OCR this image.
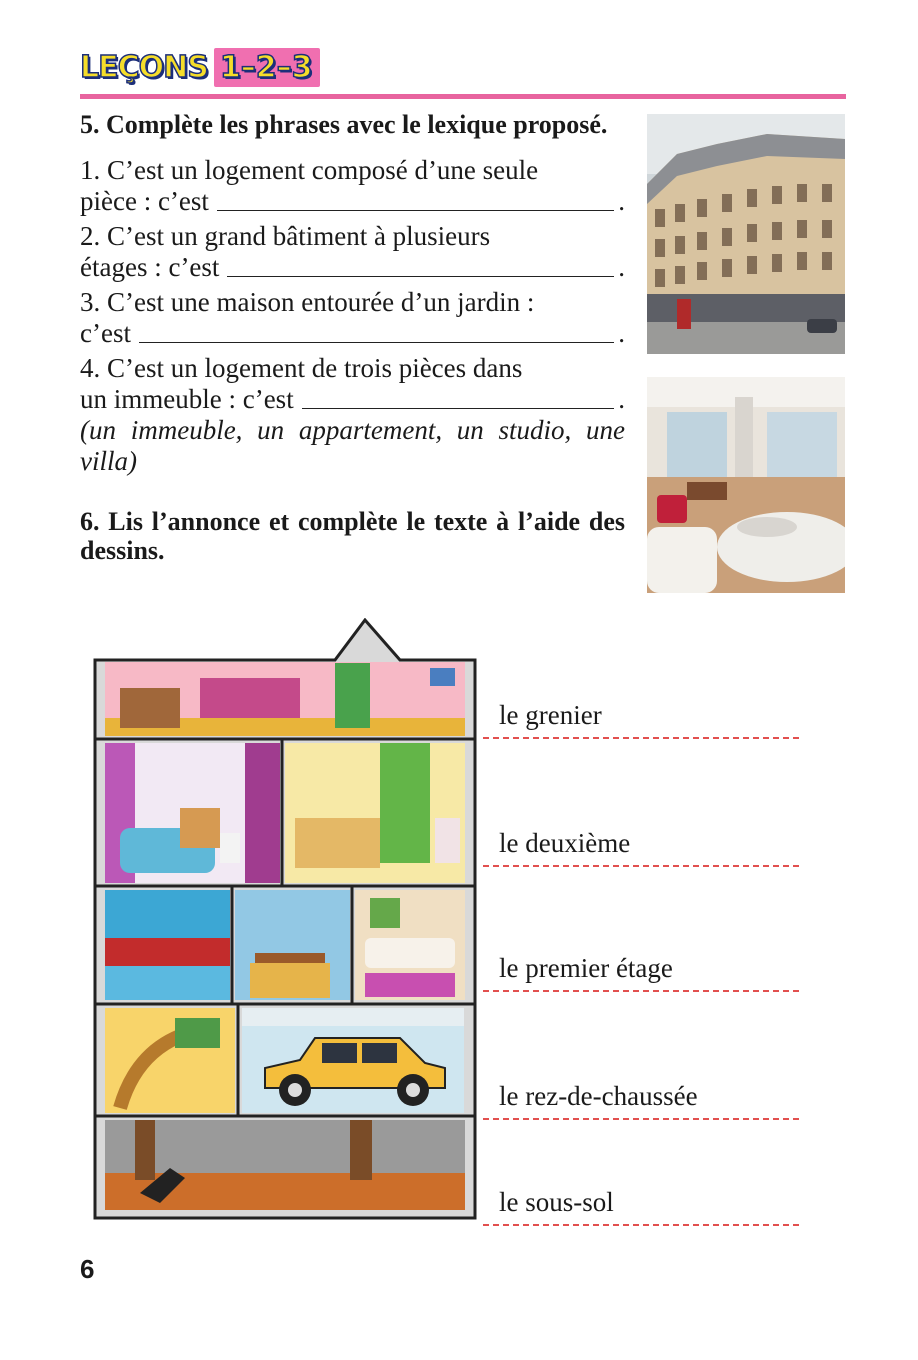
LEÇONS 1–2–3
5. Complète les phrases avec le lexique proposé.
1. C’est un logement composé d’une seule
pièce : c’est	.
2. C’est un grand bâtiment à plusieurs
étages : c’est	.
3. C’est une maison entourée d’un jardin :
c’est	.
4. C’est un logement de trois pièces dans
un immeuble : c’est	.
(un immeuble, un appartement, un studio, une villa)
6. Lis l’annonce et complète le texte à l’aide des dessins.
le grenier
le deuxième
le premier étage
le rez-de-chaussée
le sous-sol
6
